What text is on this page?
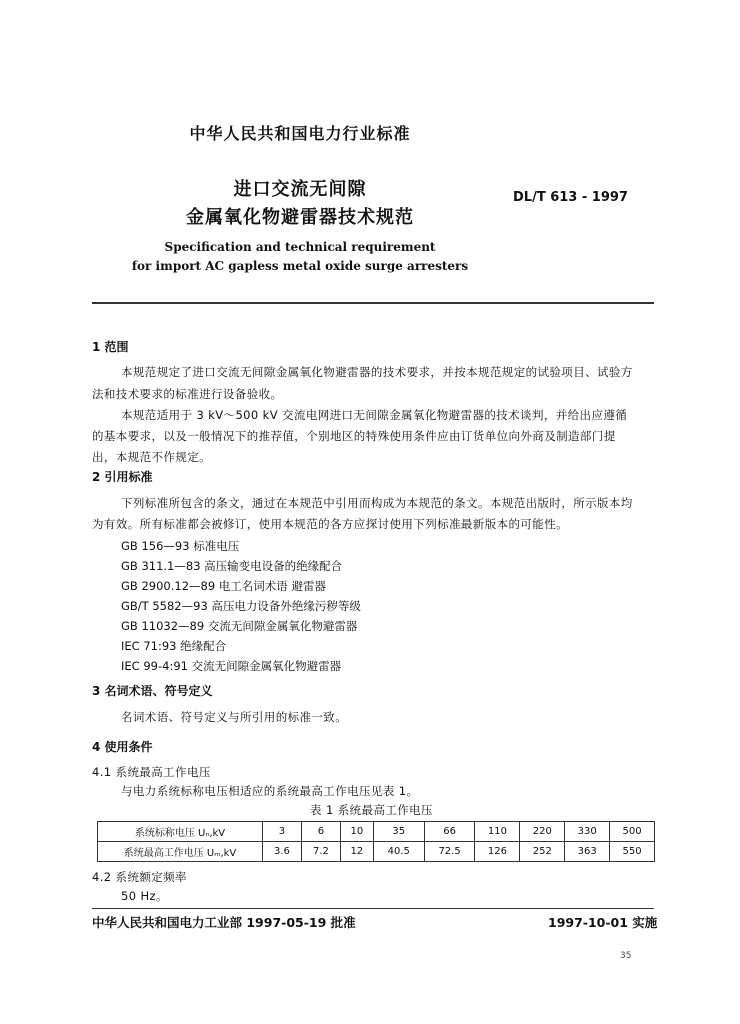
中华人民共和国电力行业标准
进口交流无间隙
金属氧化物避雷器技术规范
DL/T 613 - 1997
Specification and technical requirement
for import AC gapless metal oxide surge arresters
1 范围
本规范规定了进口交流无间隙金属氧化物避雷器的技术要求，并按本规范规定的试验项目、试验方
法和技术要求的标准进行设备验收。
本规范适用于 3 kV～500 kV 交流电网进口无间隙金属氧化物避雷器的技术谈判，并给出应遵循
的基本要求，以及一般情况下的推荐值，个别地区的特殊使用条件应由订货单位向外商及制造部门提
出，本规范不作规定。
2 引用标准
下列标准所包含的条文，通过在本规范中引用而构成为本规范的条文。本规范出版时，所示版本均
为有效。所有标准都会被修订，使用本规范的各方应探讨使用下列标准最新版本的可能性。
GB 156—93 标准电压
GB 311.1—83 高压输变电设备的绝缘配合
GB 2900.12—89 电工名词术语 避雷器
GB/T 5582—93 高压电力设备外绝缘污秽等级
GB 11032—89 交流无间隙金属氧化物避雷器
IEC 71:93 绝缘配合
IEC 99-4:91 交流无间隙金属氧化物避雷器
3 名词术语、符号定义
名词术语、符号定义与所引用的标准一致。
4 使用条件
4.1 系统最高工作电压
与电力系统标称电压相适应的系统最高工作电压见表 1。
表 1 系统最高工作电压
系统标称电压 Uₙ,kV	3	6	10	35	66	110	220	330	500
系统最高工作电压 Uₘ,kV	3.6	7.2	12	40.5	72.5	126	252	363	550
4.2 系统额定频率
50 Hz。
中华人民共和国电力工业部 1997-05-19 批准	1997-10-01 实施
35
